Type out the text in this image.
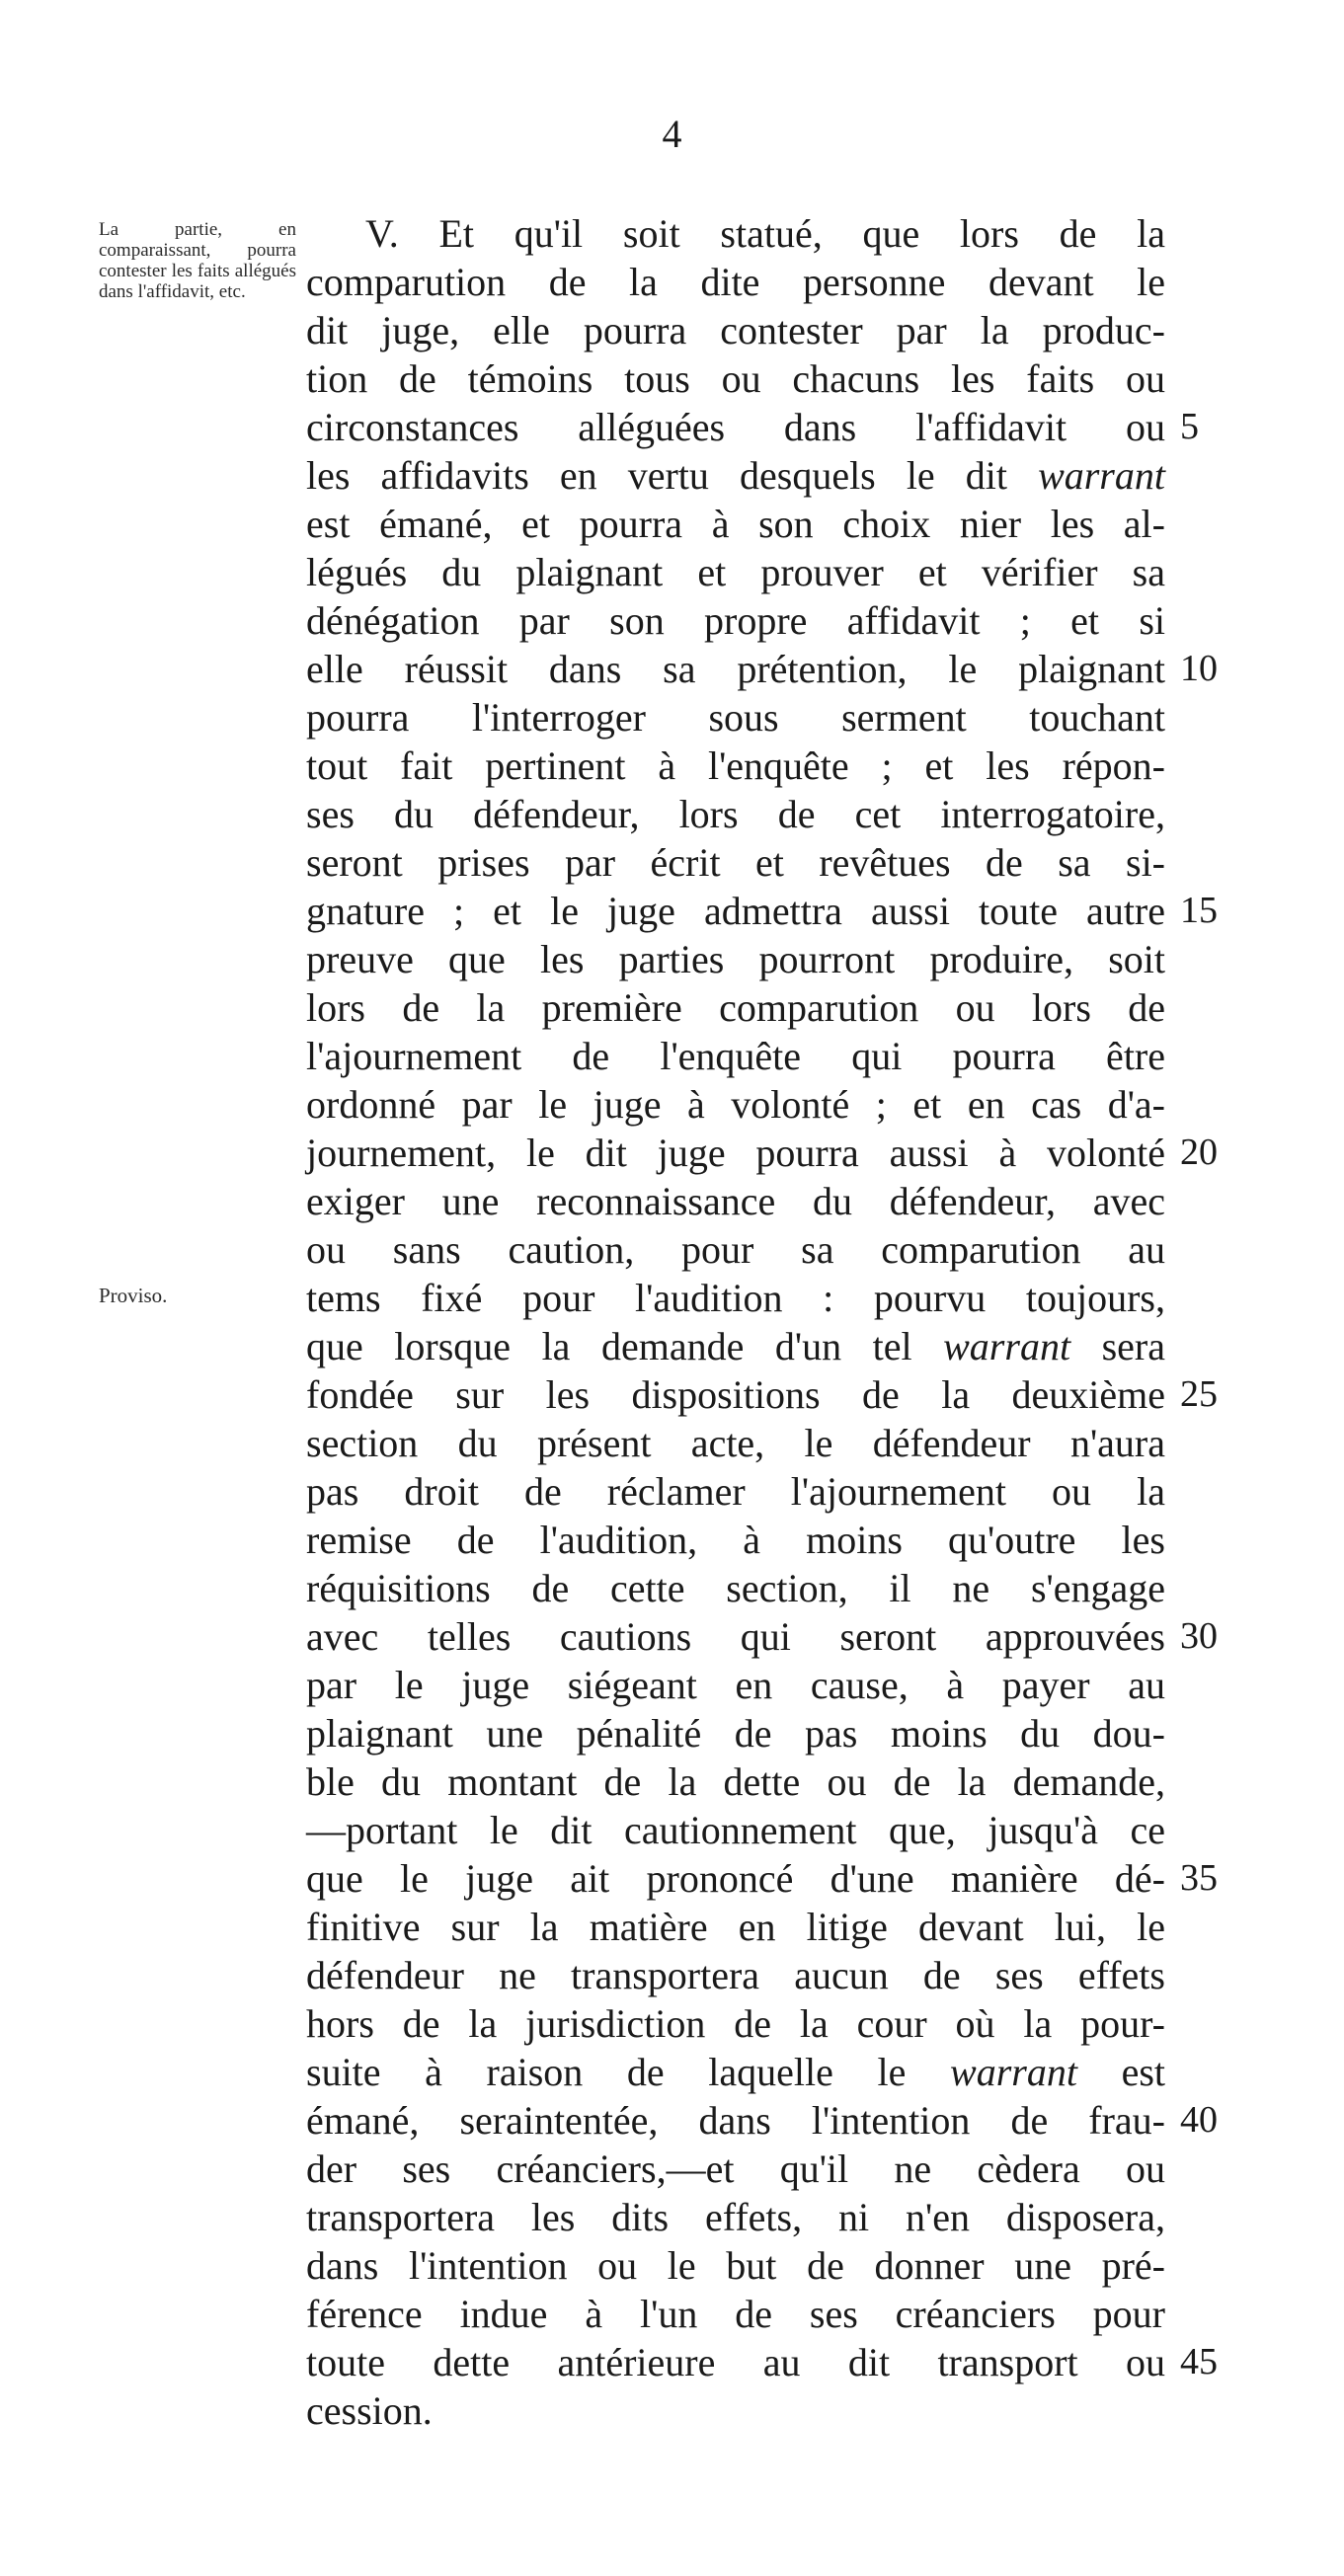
4
La partie, en comparaissant, pourra contester les faits allégués dans l'affidavit, etc.
Proviso.
V. Et qu'il soit statué, que lors de la
comparution de la dite personne devant le
dit juge, elle pourra contester par la produc-
tion de témoins tous ou chacuns les faits ou
circonstances alléguées dans l'affidavit ou
les affidavits en vertu desquels le dit warrant
est émané, et pourra à son choix nier les al-
légués du plaignant et prouver et vérifier sa
dénégation par son propre affidavit ; et si
elle réussit dans sa prétention, le plaignant
pourra l'interroger sous serment touchant
tout fait pertinent à l'enquête ; et les répon-
ses du défendeur, lors de cet interrogatoire,
seront prises par écrit et revêtues de sa si-
gnature ; et le juge admettra aussi toute autre
preuve que les parties pourront produire, soit
lors de la première comparution ou lors de
l'ajournement de l'enquête qui pourra être
ordonné par le juge à volonté ; et en cas d'a-
journement, le dit juge pourra aussi à volonté
exiger une reconnaissance du défendeur, avec
ou sans caution, pour sa comparution au
tems fixé pour l'audition : pourvu toujours,
que lorsque la demande d'un tel warrant sera
fondée sur les dispositions de la deuxième
section du présent acte, le défendeur n'aura
pas droit de réclamer l'ajournement ou la
remise de l'audition, à moins qu'outre les
réquisitions de cette section, il ne s'engage
avec telles cautions qui seront approuvées
par le juge siégeant en cause, à payer au
plaignant une pénalité de pas moins du dou-
ble du montant de la dette ou de la demande,
—portant le dit cautionnement que, jusqu'à ce
que le juge ait prononcé d'une manière dé-
finitive sur la matière en litige devant lui, le
défendeur ne transportera aucun de ses effets
hors de la jurisdiction de la cour où la pour-
suite à raison de laquelle le warrant est
émané, seraintentée, dans l'intention de frau-
der ses créanciers,—et qu'il ne cèdera ou
transportera les dits effets, ni n'en disposera,
dans l'intention ou le but de donner une pré-
férence indue à l'un de ses créanciers pour
toute dette antérieure au dit transport ou
cession.
5
10
15
20
25
30
35
40
45
